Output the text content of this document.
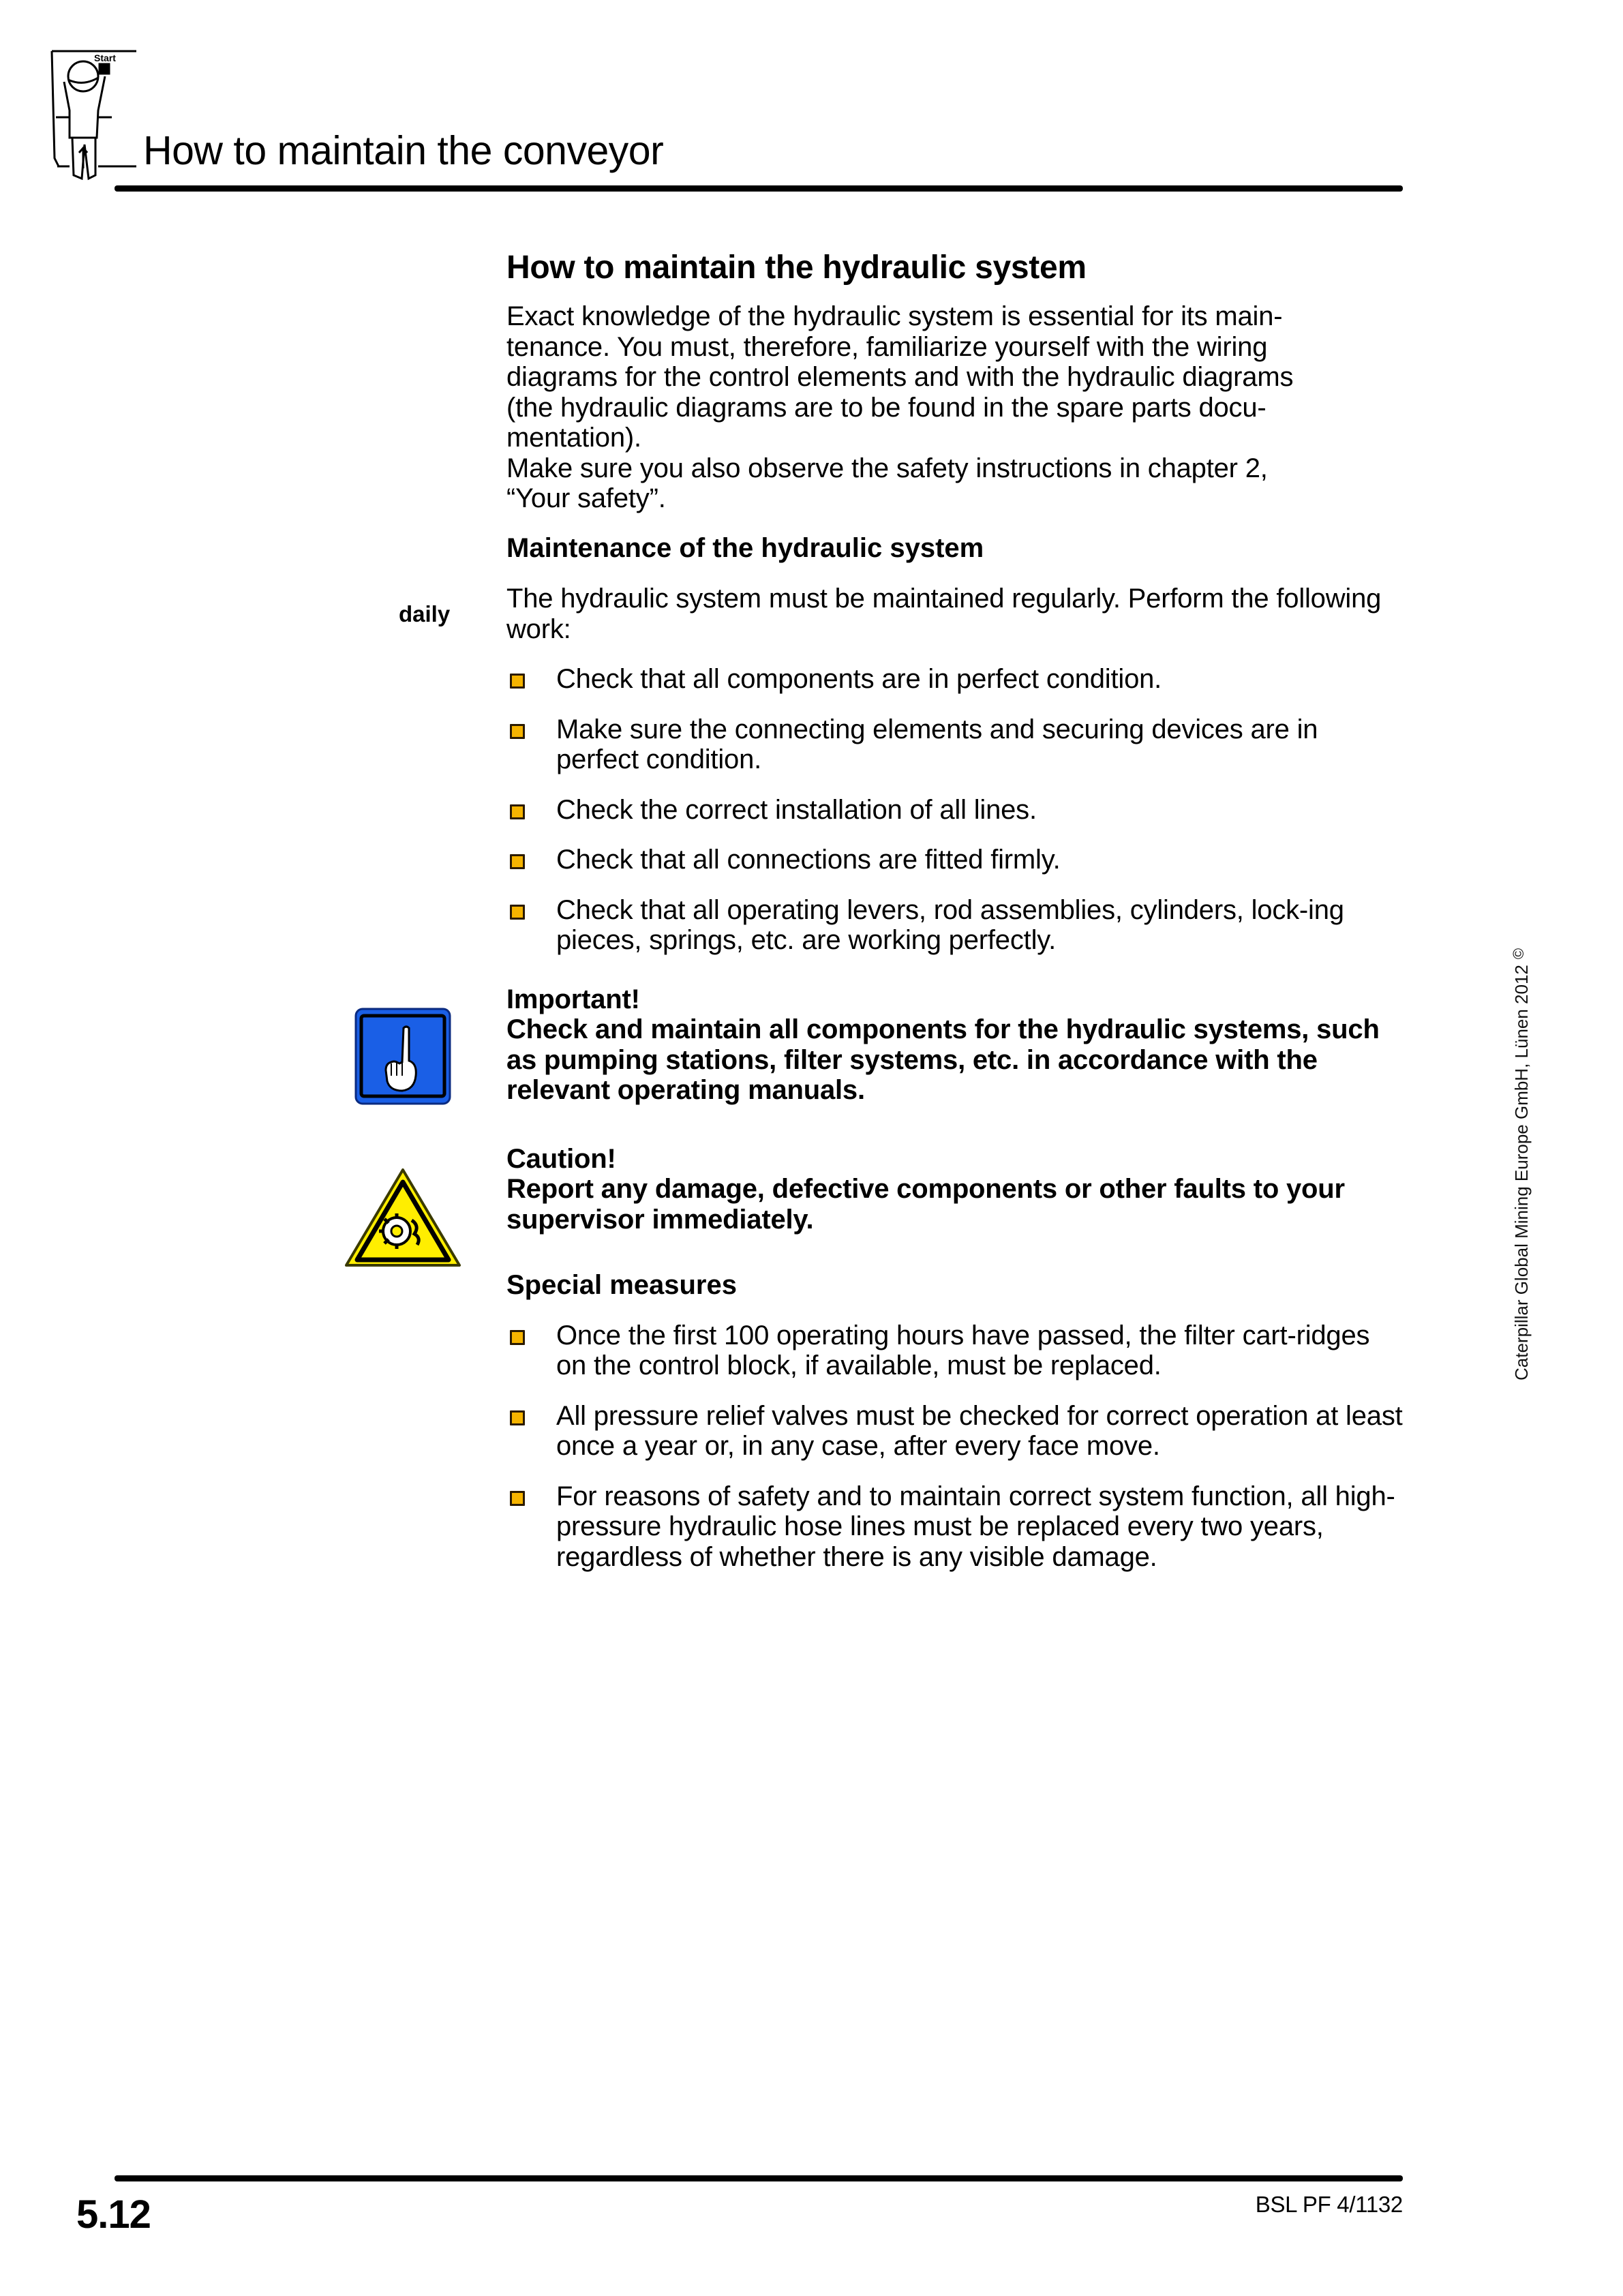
Start
How to maintain the conveyor
daily
How to maintain the hydraulic system

Exact knowledge of the hydraulic system is essential for its main-
tenance. You must, therefore, familiarize yourself with the wiring
diagrams for the control elements and with the hydraulic diagrams
(the hydraulic diagrams are to be found in the spare parts docu-
mentation).
Make sure you also observe the safety instructions in chapter 2,
“Your safety”.

Maintenance of the hydraulic system

The hydraulic system must be maintained regularly. Perform the following work:

Check that all components are in perfect condition.
Make sure the connecting elements and securing devices are in perfect condition.
Check the correct installation of all lines.
Check that all connections are fitted firmly.
Check that all operating levers, rod assemblies, cylinders, lock-ing pieces, springs, etc. are working perfectly.

Important!

Check and maintain all components for the hydraulic systems, such as pumping stations, filter systems, etc. in accordance with the relevant operating manuals.

Caution!

Report any damage, defective components or other faults to your supervisor immediately.

Special measures
Once the first 100 operating hours have passed, the filter cart-ridges on the control block, if available, must be replaced.
All pressure relief valves must be checked for correct operation at least once a year or, in any case, after every face move.
For reasons of safety and to maintain correct system function, all high-pressure hydraulic hose lines must be replaced every two years, regardless of whether there is any visible damage.
Caterpillar Global Mining Europe GmbH, Lünen 2012©
5.12	BSL PF 4/1132
